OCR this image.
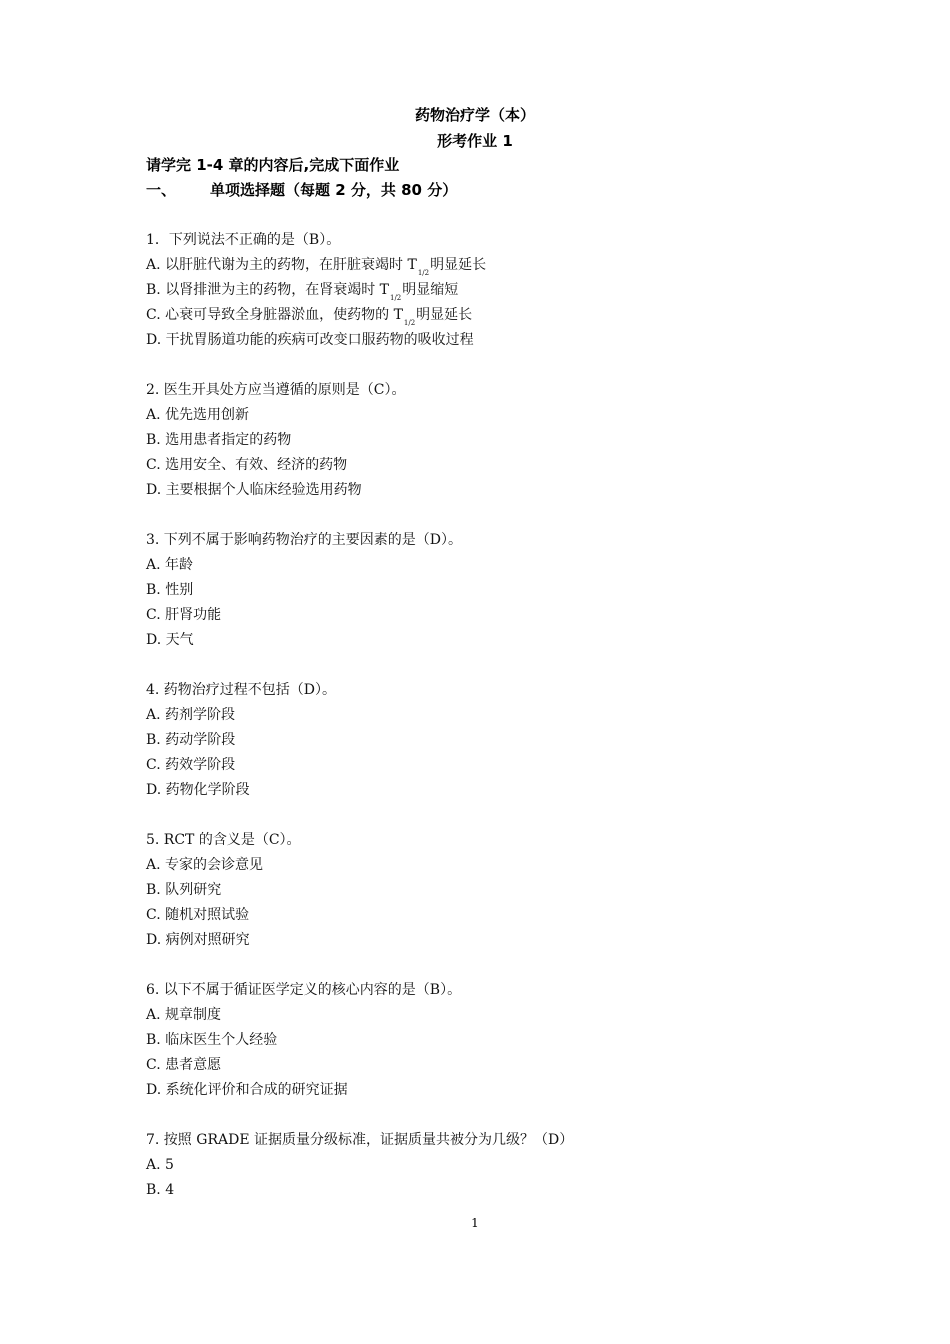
药物治疗学（本）
形考作业 1
请学完 1-4 章的内容后,完成下面作业
一、 单项选择题（每题 2 分，共 80 分）
1．下列说法不正确的是（B）。
A. 以肝脏代谢为主的药物，在肝脏衰竭时 $T_{1/2}$明显延长
B. 以肾排泄为主的药物，在肾衰竭时 $T_{1/2}$明显缩短
C. 心衰可导致全身脏器淤血，使药物的 $T_{1/2}$明显延长
D. 干扰胃肠道功能的疾病可改变口服药物的吸收过程
2. 医生开具处方应当遵循的原则是（C）。
A. 优先选用创新
B. 选用患者指定的药物
C. 选用安全、有效、经济的药物
D. 主要根据个人临床经验选用药物
3. 下列不属于影响药物治疗的主要因素的是（D）。
A. 年龄
B. 性别
C. 肝肾功能
D. 天气
4. 药物治疗过程不包括（D）。
A. 药剂学阶段
B. 药动学阶段
C. 药效学阶段
D. 药物化学阶段
5. RCT 的含义是（C）。
A. 专家的会诊意见
B. 队列研究
C. 随机对照试验
D. 病例对照研究
6. 以下不属于循证医学定义的核心内容的是（B）。
A. 规章制度
B. 临床医生个人经验
C. 患者意愿
D. 系统化评价和合成的研究证据
7. 按照 GRADE 证据质量分级标准，证据质量共被分为几级？（D）
A. 5
B. 4
1
